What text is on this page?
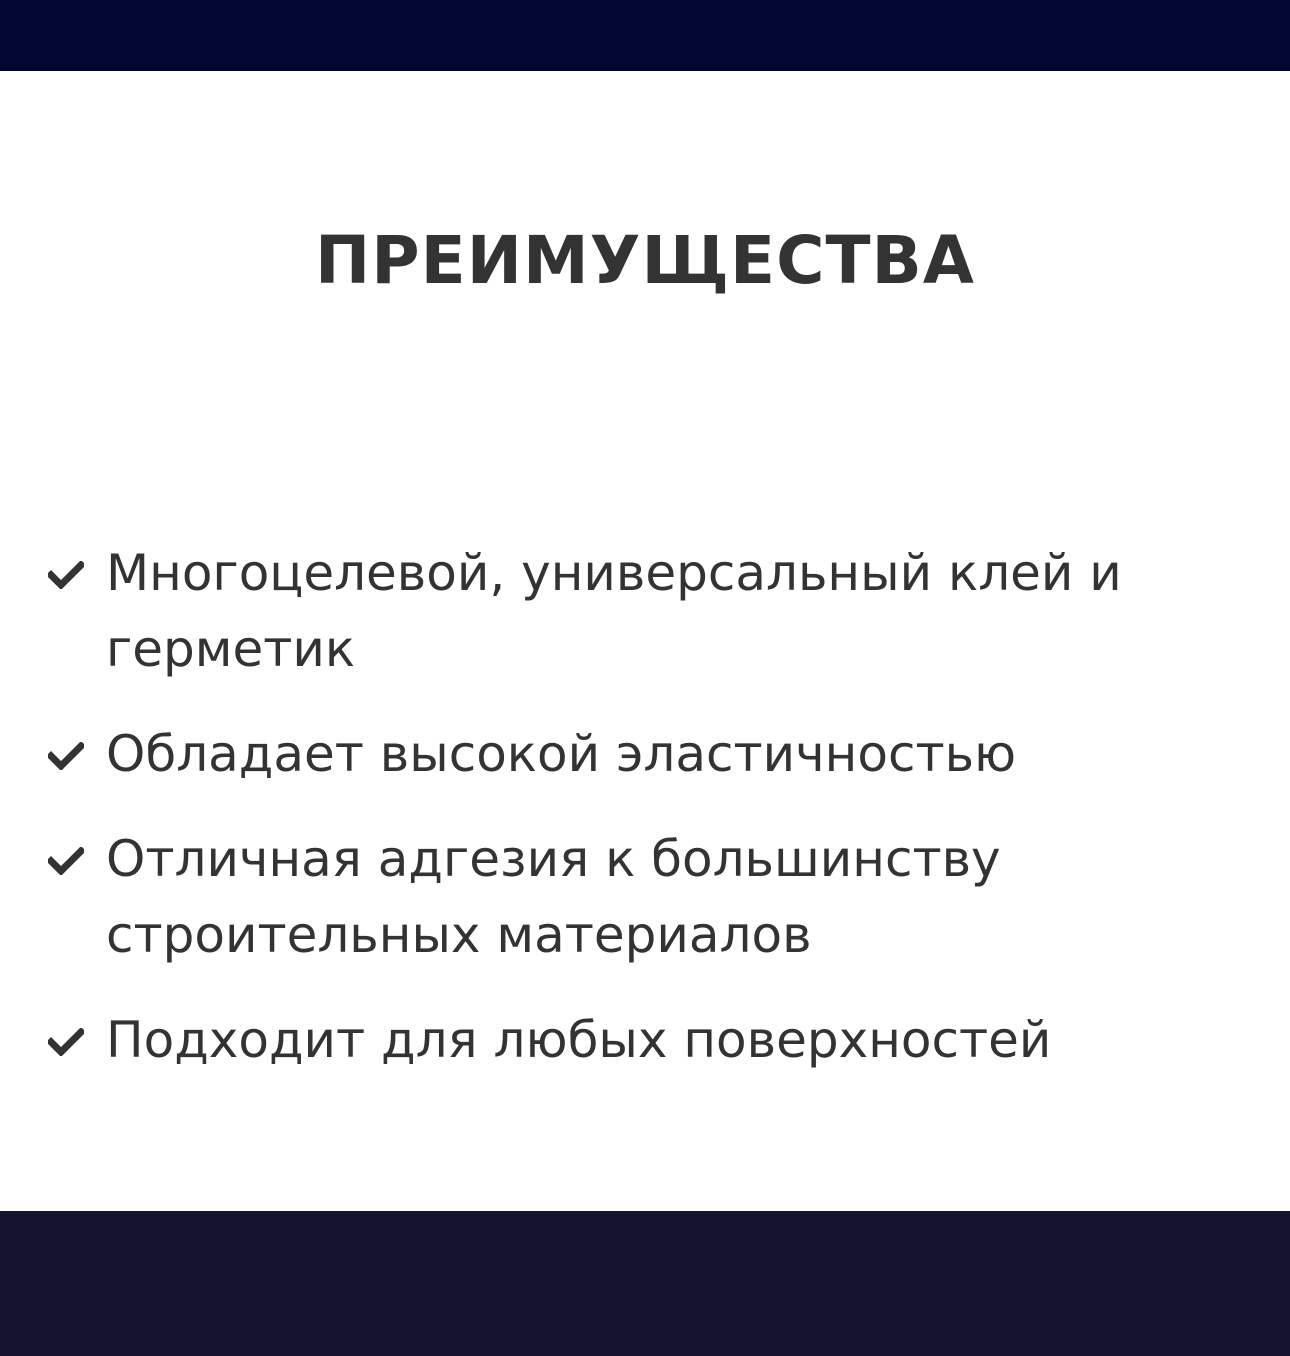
ПРЕИМУЩЕСТВА
Многоцелевой, универсальный клей и герметик
Обладает высокой эластичностью
Отличная адгезия к большинству строительных материалов
Подходит для любых поверхностей
